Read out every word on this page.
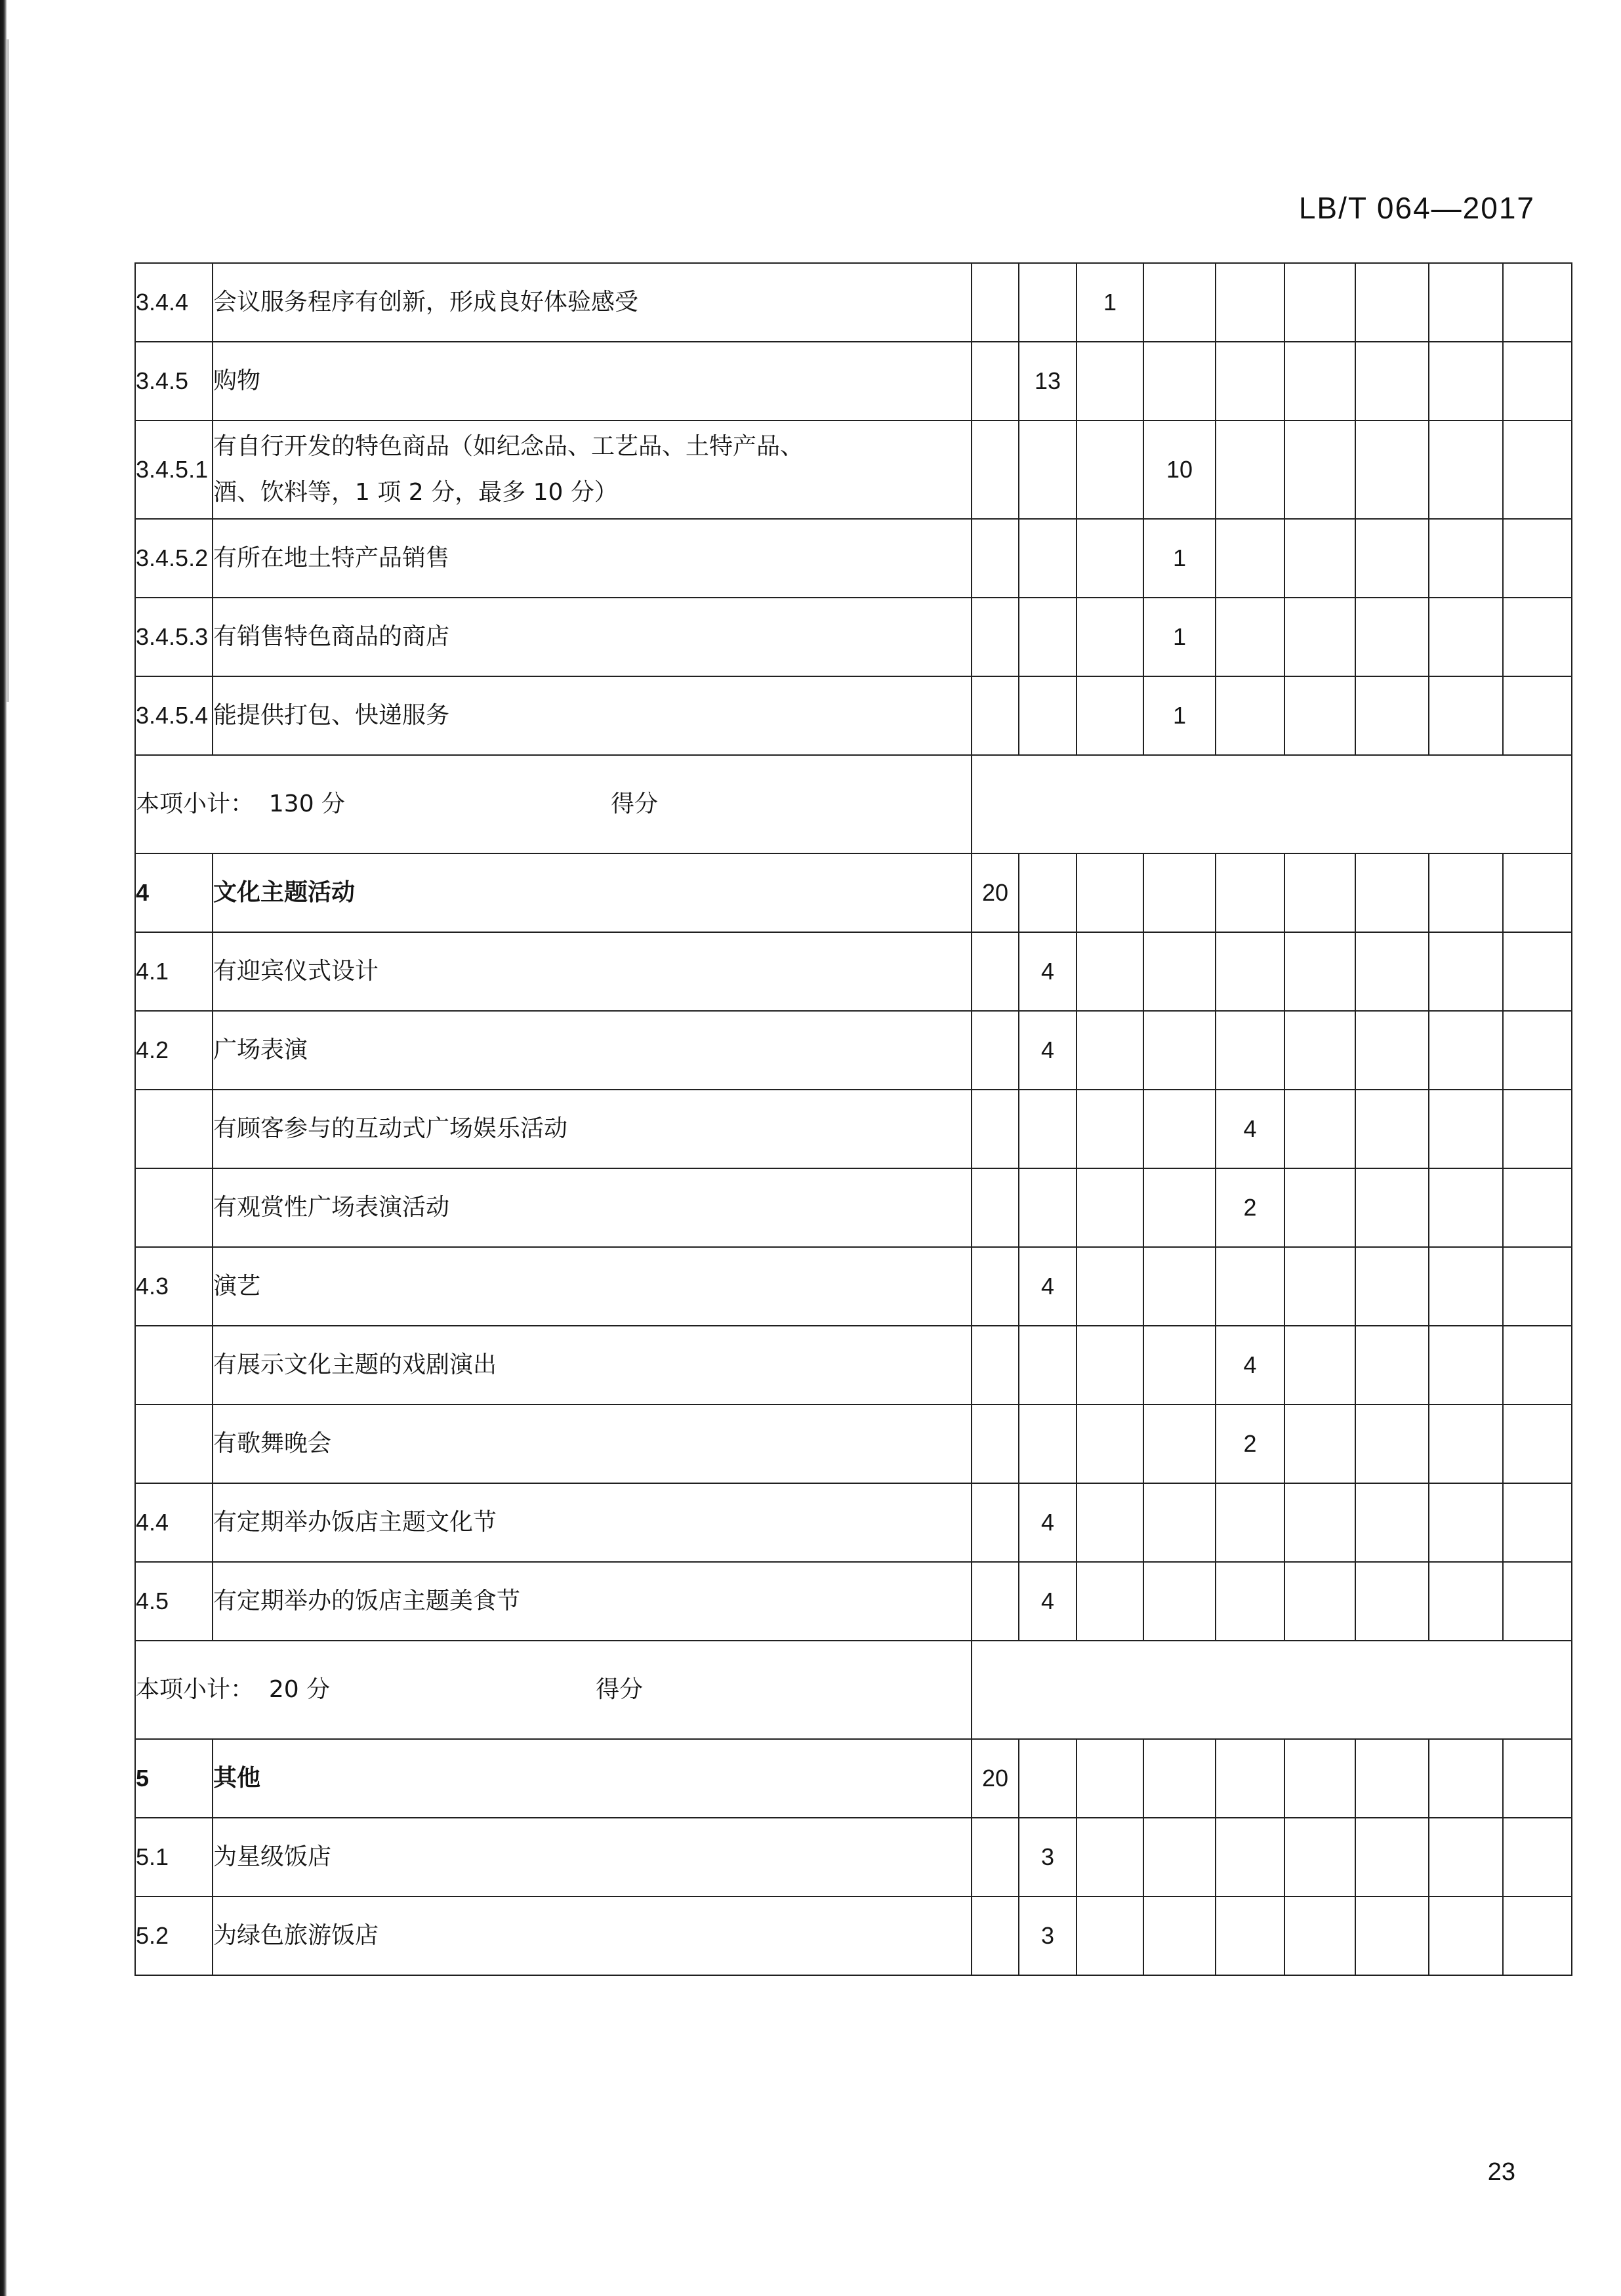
LB/T 064—2017
3.4.4	会议服务程序有创新，形成良好体验感受			1						
3.4.5	购物		13							
3.4.5.1	有自行开发的特色商品（如纪念品、工艺品、土特产品、
酒、饮料等，1 项 2 分，最多 10 分）				10					
3.4.5.2	有所在地土特产品销售				1					
3.4.5.3	有销售特色商品的商店				1					
3.4.5.4	能提供打包、快递服务				1					

本项小计： 130 分 得分										

4	文化主题活动	20								
4.1	有迎宾仪式设计		4							
4.2	广场表演		4							
	有顾客参与的互动式广场娱乐活动					4				
	有观赏性广场表演活动					2				
4.3	演艺		4							
	有展示文化主题的戏剧演出					4				
	有歌舞晚会					2				
4.4	有定期举办饭店主题文化节		4							
4.5	有定期举办的饭店主题美食节		4							

本项小计： 20 分 得分										

5	其他	20								
5.1	为星级饭店		3							
5.2	为绿色旅游饭店		3							
23
